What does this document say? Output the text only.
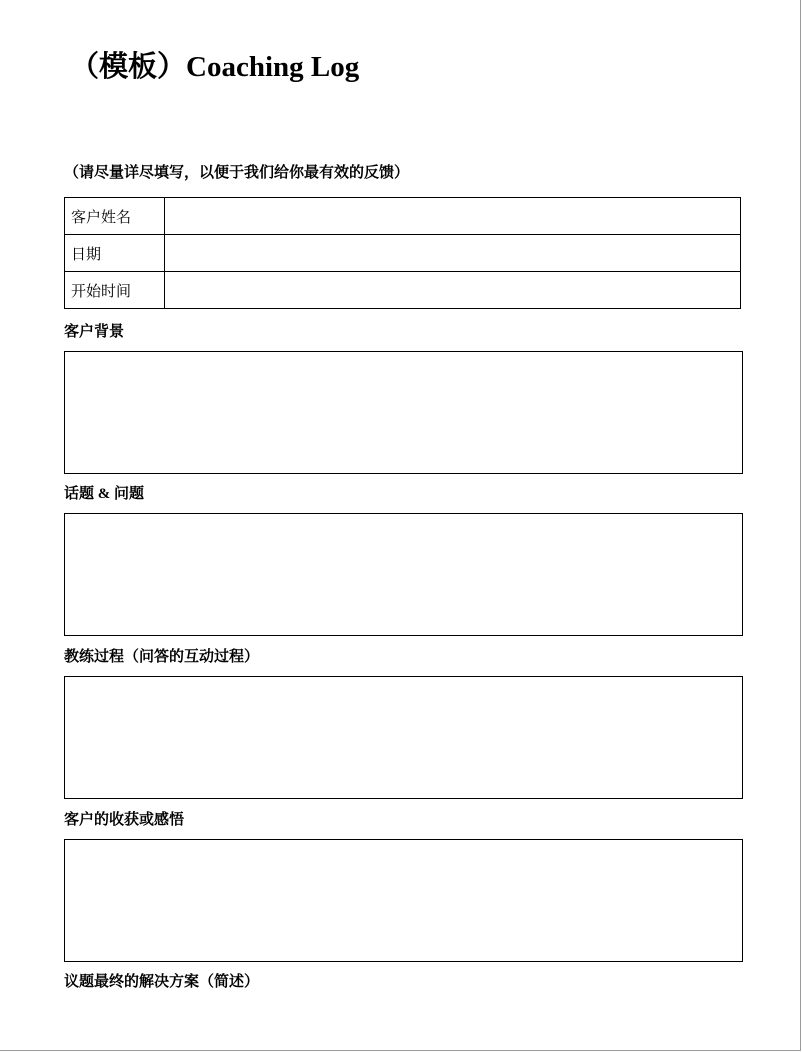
（模板）Coaching Log
（请尽量详尽填写，以便于我们给你最有效的反馈）
客户姓名	
日期	
开始时间	
客户背景
话题 & 问题
教练过程（问答的互动过程）
客户的收获或感悟
议题最终的解决方案（简述）
